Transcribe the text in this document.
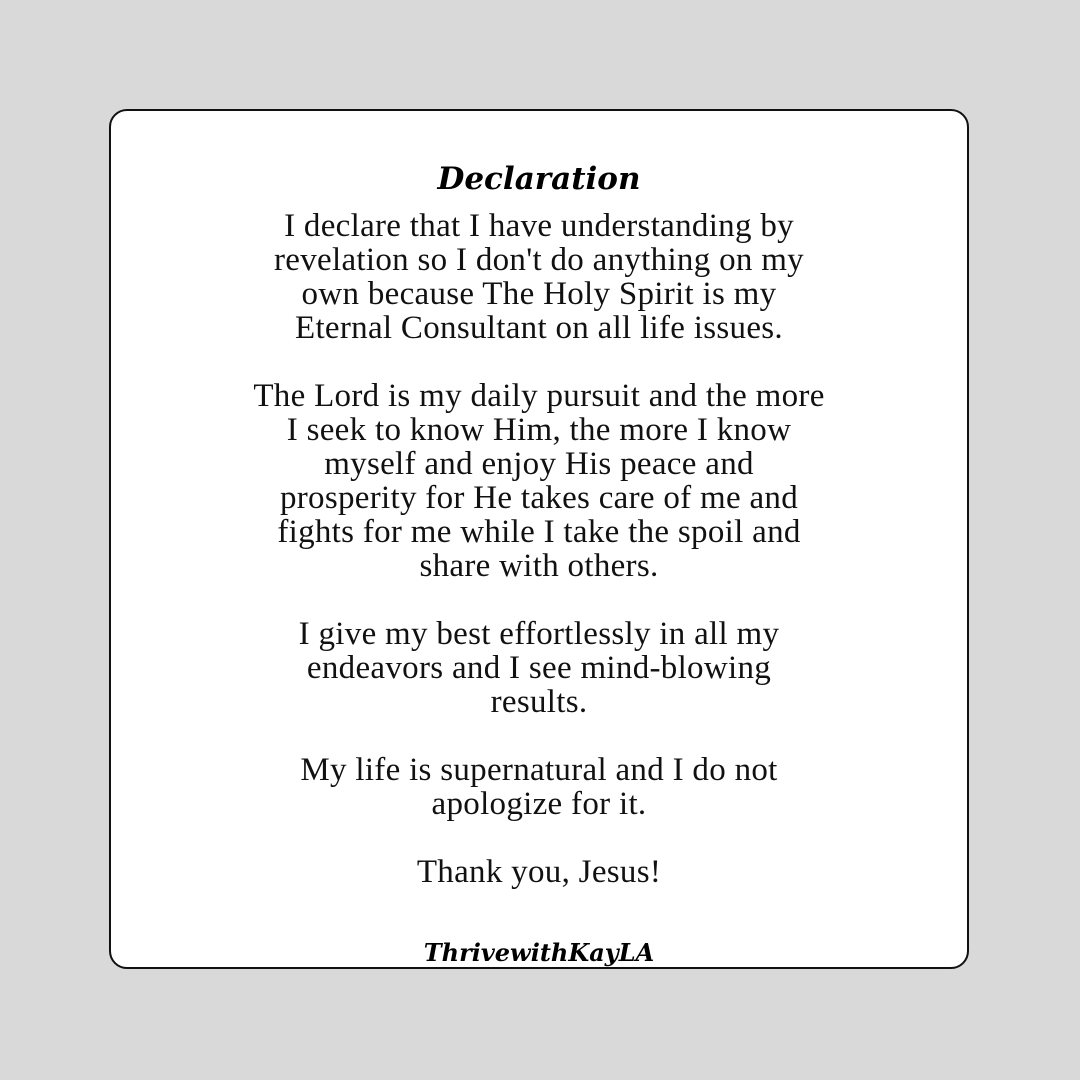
Declaration

I declare that I have understanding by
revelation so I don't do anything on my
own because The Holy Spirit is my
Eternal Consultant on all life issues.

The Lord is my daily pursuit and the more
I seek to know Him, the more I know
myself and enjoy His peace and
prosperity for He takes care of me and
fights for me while I take the spoil and
share with others.

I give my best effortlessly in all my
endeavors and I see mind-blowing
results.

My life is supernatural and I do not
apologize for it.

Thank you, Jesus!

ThrivewithKayLA
